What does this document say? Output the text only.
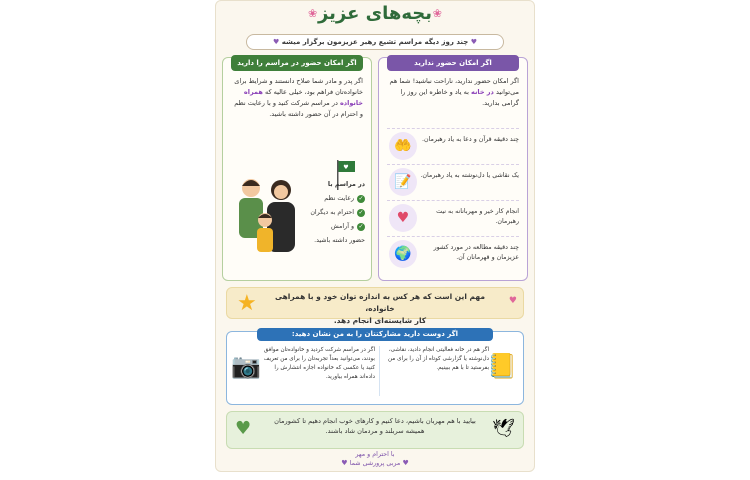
❀
❀ بچه‌های عزیز
♥ چند روز دیگه مراسم تشیع رهبر عزیزمون برگزار میشه ♥
اگر امکان حضور ندارید
اگر امکان حضور ندارید، ناراحت نباشید! شما هم می‌توانید در خانه به یاد و خاطره این روز را گرامی بدارید.
🤲	چند دقیقه قرآن و دعا به یاد رهبرمان.
📝	یک نقاشی یا دل‌نوشته به یاد رهبرمان.
♥	انجام کار خیر و مهربانانه به نیت رهبرمان.
🌍	چند دقیقه مطالعه در مورد کشور عزیزمان و قهرمانان آن.
اگر امکان حضور در مراسم را دارید
اگر پدر و مادر شما صلاح دانستند و شرایط برای خانواده‌تان فراهم بود، خیلی عالیه که همراه خانواده در مراسم شرکت کنید و با رعایت نظم و احترام در آن حضور داشته باشید.
♥
در مراسم با
✓رعایت نظم
✓احترام به دیگران
✓و آرامش
حضور داشته باشید.
★	مهم این است که هر کس به اندازه توان خود و با همراهی خانواده،
کار شایسته‌ای انجام دهد.
♥
اگر دوست دارید مشارکتتان را به من نشان دهید:
📒
اگر هم در خانه فعالیتی انجام دادید، نقاشی، دل‌نوشته یا گزارشی کوتاه از آن را برای من بفرستید تا با هم ببینیم.
اگر در مراسم شرکت کردید و خانواده‌تان موافق بودند، می‌توانید بعداً تجربه‌تان را برای من تعریف کنید یا عکسی که خانواده اجازه انتشارش را داده‌اند همراه بیاورید.
📷
🕊
بیایید با هم مهربان باشیم، دعا کنیم و کارهای خوب انجام دهیم تا کشورمان همیشه سربلند و مردمان شاد باشند.
♥
با احترام و مهر
♥ مربی پرورشی شما ♥
